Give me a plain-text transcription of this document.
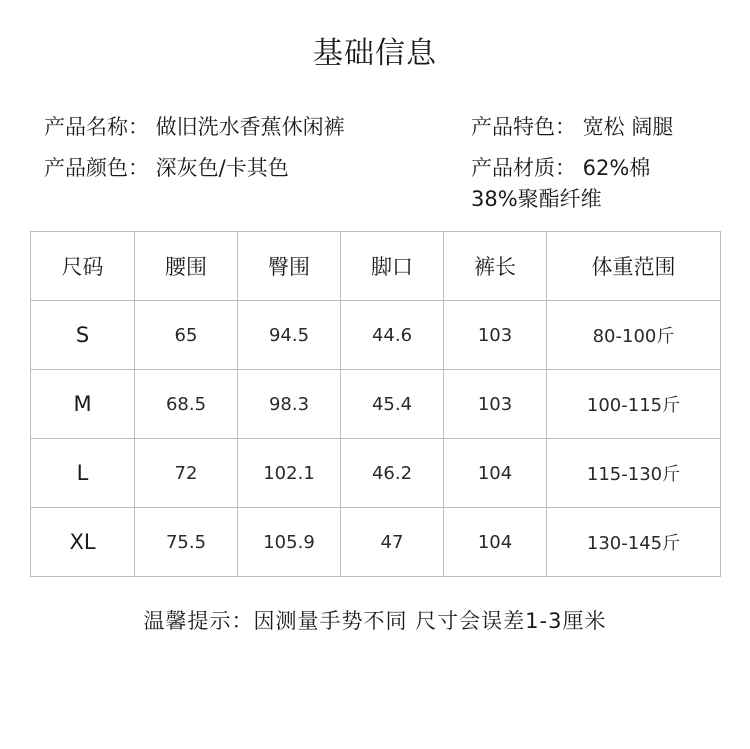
基础信息
产品名称： 做旧洗水香蕉休闲裤
产品颜色： 深灰色/卡其色
产品特色： 宽松 阔腿
产品材质： 62%棉
38%聚酯纤维
尺码	腰围	臀围	脚口	裤长	体重范围
S	65	94.5	44.6	103	80-100斤
M	68.5	98.3	45.4	103	100-115斤
L	72	102.1	46.2	104	115-130斤
XL	75.5	105.9	47	104	130-145斤
温馨提示：因测量手势不同 尺寸会误差1-3厘米
